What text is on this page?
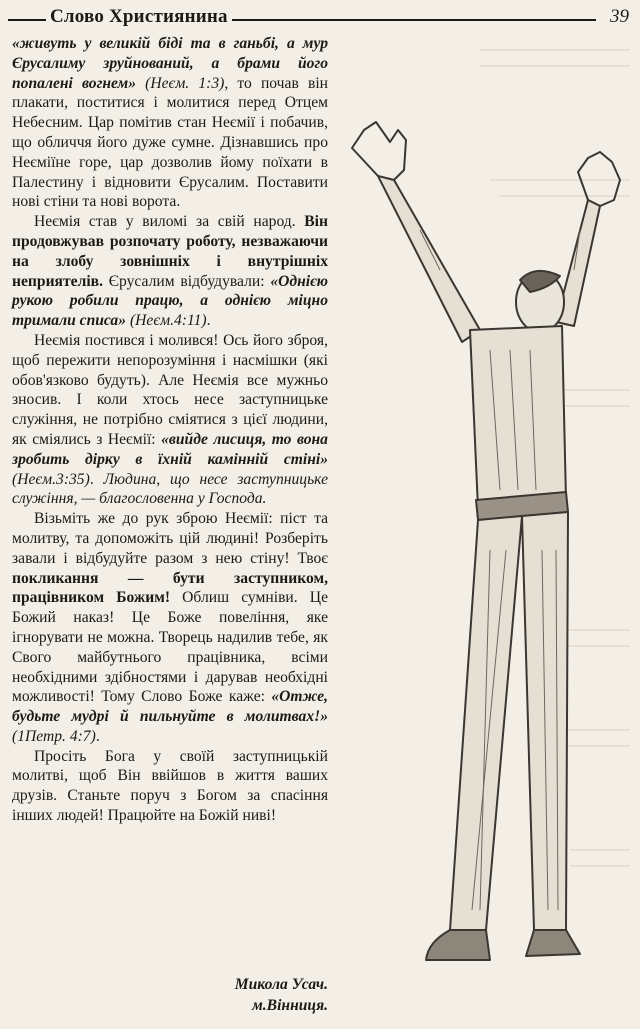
Слово Християнина	39

«живуть у великій біді та в ганьбі, а мур Єрусалиму зруйнований, а брами його попалені вогнем» (Неєм. 1:3), то почав він плакати, поститися і молитися перед Отцем Небесним. Цар помітив стан Неємії і побачив, що обличчя його дуже сумне. Дізнавшись про Неєміїне горе, цар дозволив йому поїхати в Палестину і відновити Єрусалим. Поставити нові стіни та нові ворота.

Неємія став у виломі за свій народ. Він продовжував розпочату роботу, незважаючи на злобу зовнішніх і внутрішніх неприятелів. Єрусалим відбудували: «Однією рукою робили працю, а однією міцно тримали списа» (Неєм.4:11).

Неємія постився і молився! Ось його зброя, щоб пережити непорозуміння і насмішки (які обов'язково будуть). Але Неємія все мужньо зносив. І коли хтось несе заступницьке служіння, не потрібно сміятися з цієї людини, як сміялись з Неємії: «вийде лисиця, то вона зробить дірку в їхній камінній стіні» (Неєм.3:35). Людина, що несе заступницьке служіння, — благословенна у Господа.

Візьміть же до рук зброю Неємії: піст та молитву, та допоможіть цій людині! Розберіть завали і відбудуйте разом з нею стіну! Твоє покликання — бути заступником, працівником Божим! Облиш сумніви. Це Божий наказ! Це Боже повеління, яке ігнорувати не можна. Творець надилив тебе, як Свого майбутнього працівника, всіми необхідними здібностями і дарував необхідні можливості! Тому Слово Боже каже: «Отже, будьте мудрі й пильнуйте в молитвах!» (1Петр. 4:7).

Просіть Бога у своїй заступницькій молитві, щоб Він ввійшов в життя ваших друзів. Станьте поруч з Богом за спасіння інших людей! Працюйте на Божій ниві!

Микола Усач.
м.Вінниця.
